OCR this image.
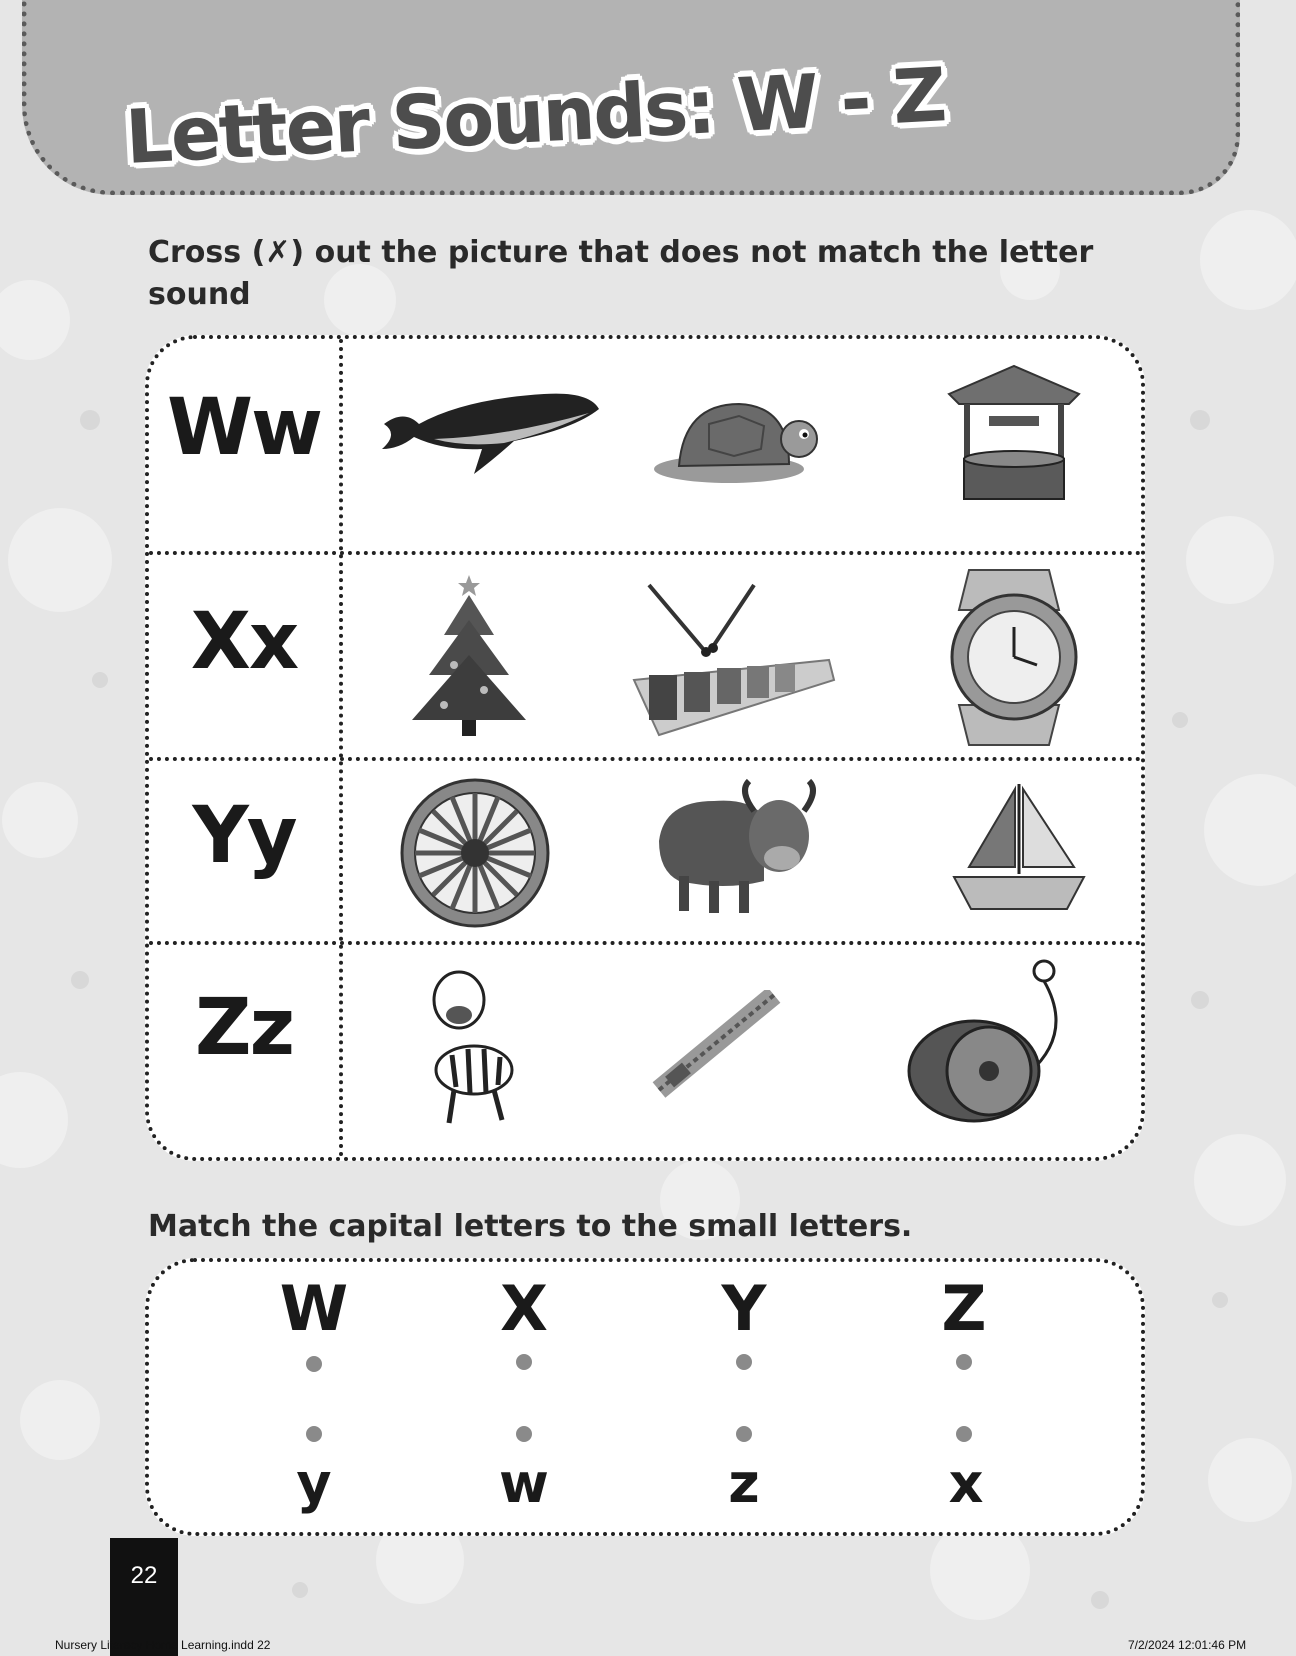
Letter Sounds: W - Z
Cross (✗) out the picture that does not match the letter sound
Ww
Xx
Yy
Zz
Match the capital letters to the small letters.
W	X	Y	Z
y	w	z	x
22
Nursery Literacy Home Learning.indd 22	7/2/2024 12:01:46 PM
